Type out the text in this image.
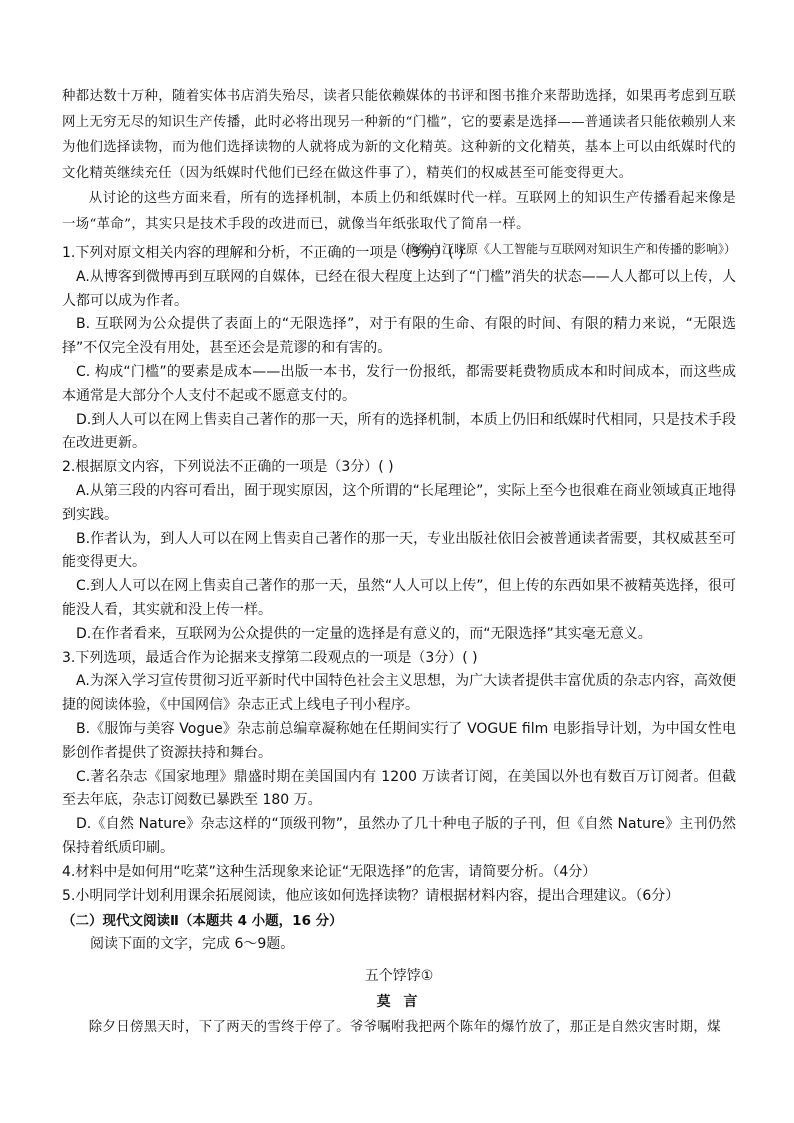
种都达数十万种，随着实体书店消失殆尽，读者只能依赖媒体的书评和图书推介来帮助选择，如果再考虑到互联网上无穷无尽的知识生产传播，此时必将出现另一种新的“门槛”，它的要素是选择——普通读者只能依赖别人来为他们选择读物，而为他们选择读物的人就将成为新的文化精英。这种新的文化精英，基本上可以由纸媒时代的文化精英继续充任（因为纸媒时代他们已经在做这件事了），精英们的权威甚至可能变得更大。

从讨论的这些方面来看，所有的选择机制，本质上仍和纸媒时代一样。互联网上的知识生产传播看起来像是一场“革命”，其实只是技术手段的改进而已，就像当年纸张取代了简帛一样。

（摘编自江晓原《人工智能与互联网对知识生产和传播的影响》）

1.下列对原文相关内容的理解和分析，不正确的一项是（3分）( )

A.从博客到微博再到互联网的自媒体，已经在很大程度上达到了“门槛”消失的状态——人人都可以上传，人人都可以成为作者。

B. 互联网为公众提供了表面上的“无限选择”，对于有限的生命、有限的时间、有限的精力来说，“无限选择”不仅完全没有用处，甚至还会是荒谬的和有害的。

C. 构成“门槛”的要素是成本——出版一本书，发行一份报纸，都需要耗费物质成本和时间成本，而这些成本通常是大部分个人支付不起或不愿意支付的。

D.到人人可以在网上售卖自己著作的那一天，所有的选择机制，本质上仍旧和纸媒时代相同，只是技术手段在改进更新。

2.根据原文内容，下列说法不正确的一项是（3分）( )

A.从第三段的内容可看出，囿于现实原因，这个所谓的“长尾理论”，实际上至今也很难在商业领域真正地得到实践。

B.作者认为，到人人可以在网上售卖自己著作的那一天，专业出版社依旧会被普通读者需要，其权威甚至可能变得更大。

C.到人人可以在网上售卖自己著作的那一天，虽然“人人可以上传”，但上传的东西如果不被精英选择，很可能没人看，其实就和没上传一样。

D.在作者看来，互联网为公众提供的一定量的选择是有意义的，而“无限选择”其实毫无意义。

3.下列选项，最适合作为论据来支撑第二段观点的一项是（3分）( )

A.为深入学习宣传贯彻习近平新时代中国特色社会主义思想，为广大读者提供丰富优质的杂志内容，高效便捷的阅读体验，《中国网信》杂志正式上线电子刊小程序。

B.《服饰与美容 Vogue》杂志前总编章凝称她在任期间实行了 VOGUE film 电影指导计划，为中国女性电影创作者提供了资源扶持和舞台。

C.著名杂志《国家地理》鼎盛时期在美国国内有 1200 万读者订阅，在美国以外也有数百万订阅者。但截至去年底，杂志订阅数已暴跌至 180 万。

D.《自然 Nature》杂志这样的“顶级刊物”，虽然办了几十种电子版的子刊，但《自然 Nature》主刊仍然保持着纸质印刷。

4.材料中是如何用“吃菜”这种生活现象来论证“无限选择”的危害，请简要分析。（4分）

5.小明同学计划利用课余拓展阅读，他应该如何选择读物？请根据材料内容，提出合理建议。（6分）

（二）现代文阅读Ⅱ（本题共 4 小题，16 分）

阅读下面的文字，完成 6～9题。

五个饽饽①

莫 言

除夕日傍黑天时，下了两天的雪终于停了。爷爷嘱咐我把两个陈年的爆竹放了，那正是自然灾害时期，煤
